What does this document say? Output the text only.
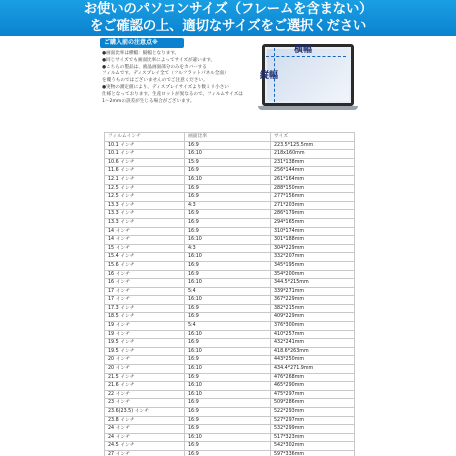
お使いのパソコンサイズ（フレームを含まない）
をご確認の上、適切なサイズをご選択ください
ご購入前の注意点※

●画面比率は横幅：縦幅となります。

●同じサイズでも画面比率によってサイズが違います。

●こちらの製品は、液晶画面部分のみをカバーする

フィルムです。ディスプレイ全て（フルフラットパネル全面）

を覆うものではございませんのでご注意ください。

●実物の測定値により、ディスプレイサイズより数ミリ小さい

仕様となっております。生産ロットが異なるので、フィルムサイズは

1〜2mmの誤差が生じる場合がございます。

横幅
縦幅
フィルムインチ	画面比率	サイズ
10.1 インチ	16:9	223.5*125.5mm
10.1 インチ	16:10	218x160mm
10.6 インチ	15:9	231*138mm
11.6 インチ	16:9	256*144mm
12.1 インチ	16:10	261*164mm
12.5 インチ	16:9	288*150mm
12.5 インチ	16:9	277*156mm
13.3 インチ	4:3	271*203mm
13.3 インチ	16:9	286*179mm
13.3 インチ	16:9	294*165mm
14 インチ	16:9	310*174mm
14 インチ	16:10	301*188mm
15 インチ	4:3	304*229mm
15.4 インチ	16:10	332*207mm
15.6 インチ	16:9	345*195mm
16 インチ	16:9	354*200mm
16 インチ	16:10	344.5*215mm
17 インチ	5:4	339*271mm
17 インチ	16:10	367*229mm
17.3 インチ	16:9	382*215mm
18.5 インチ	16:9	409*229mm
19 インチ	5:4	376*300mm
19 インチ	16:10	410*257mm
19.5 インチ	16:9	432*241mm
19.5 インチ	16:10	418.6*263mm
20 インチ	16:9	443*250mm
20 インチ	16:10	434.4*271.9mm
21.5 インチ	16:9	476*268mm
21.6 インチ	16:10	465*290mm
22 インチ	16:10	475*297mm
23 インチ	16:9	509*286mm
23.6(23.5) インチ	16:9	522*293mm
23.8 インチ	16:9	527*297mm
24 インチ	16:9	532*299mm
24 インチ	16:10	517*323mm
24.5 インチ	16:9	542*302mm
27 インチ	16:9	597*336mm
